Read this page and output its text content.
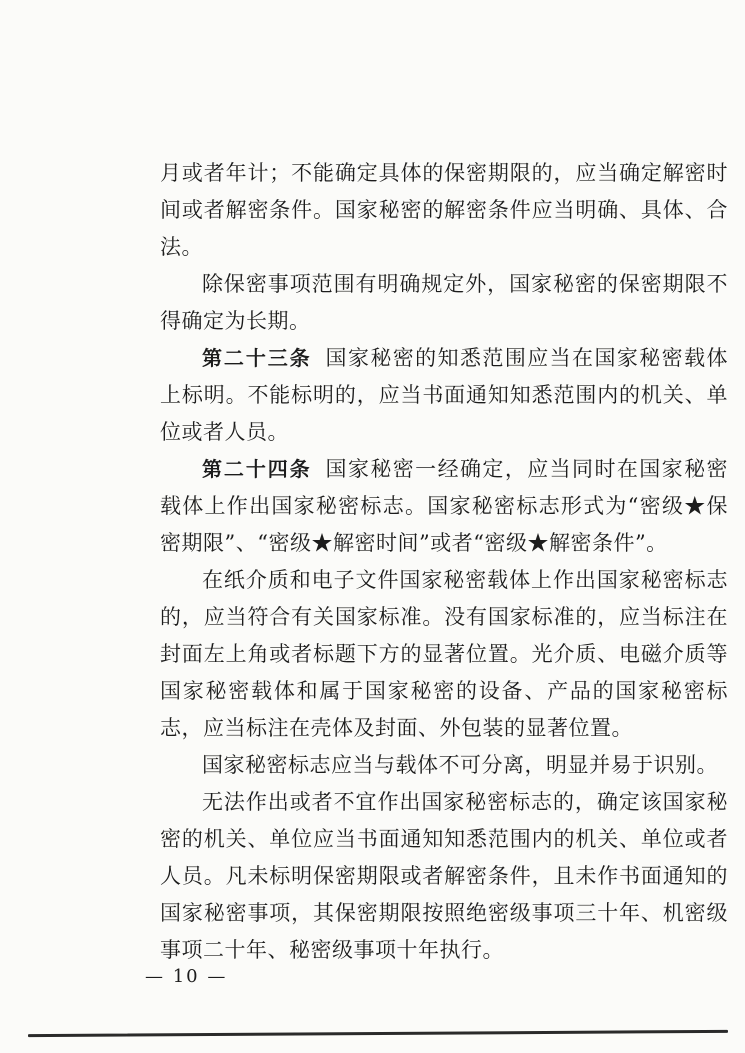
月或者年计；不能确定具体的保密期限的，应当确定解密时
间或者解密条件。国家秘密的解密条件应当明确、具体、合
法。
除保密事项范围有明确规定外，国家秘密的保密期限不
得确定为长期。
第二十三条 国家秘密的知悉范围应当在国家秘密载体
上标明。不能标明的，应当书面通知知悉范围内的机关、单
位或者人员。
第二十四条 国家秘密一经确定，应当同时在国家秘密
载体上作出国家秘密标志。国家秘密标志形式为“密级★保
密期限”、“密级★解密时间”或者“密级★解密条件”。
在纸介质和电子文件国家秘密载体上作出国家秘密标志
的，应当符合有关国家标准。没有国家标准的，应当标注在
封面左上角或者标题下方的显著位置。光介质、电磁介质等
国家秘密载体和属于国家秘密的设备、产品的国家秘密标
志，应当标注在壳体及封面、外包装的显著位置。
国家秘密标志应当与载体不可分离，明显并易于识别。
无法作出或者不宜作出国家秘密标志的，确定该国家秘
密的机关、单位应当书面通知知悉范围内的机关、单位或者
人员。凡未标明保密期限或者解密条件，且未作书面通知的
国家秘密事项，其保密期限按照绝密级事项三十年、机密级
事项二十年、秘密级事项十年执行。
— 10 —
